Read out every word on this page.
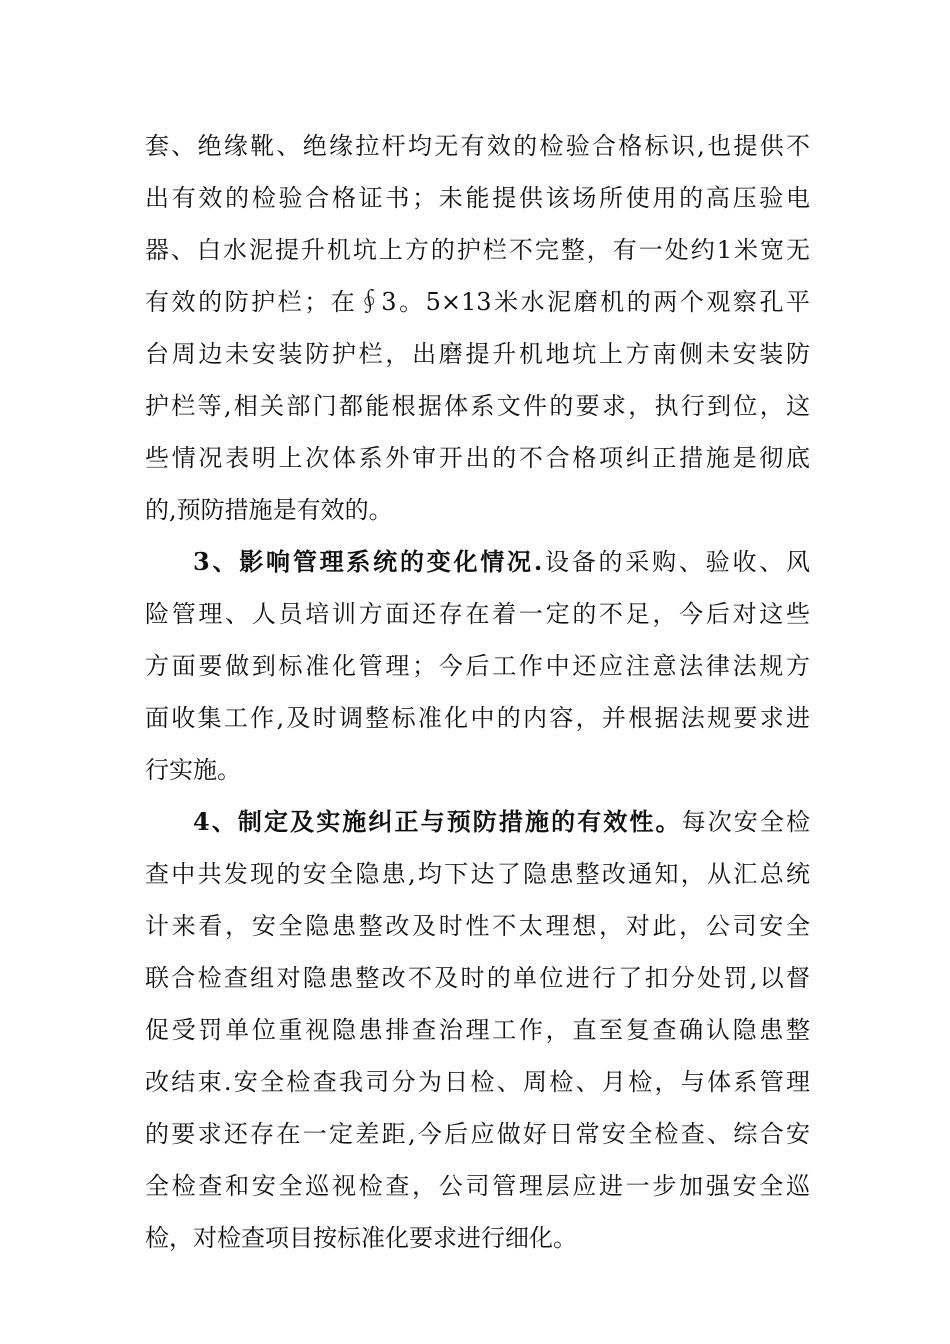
套、绝缘靴、绝缘拉杆均无有效的检验合格标识,也提供不
出有效的检验合格证书；未能提供该场所使用的高压验电
器、白水泥提升机坑上方的护栏不完整，有一处约1米宽无
有效的防护栏；在∮3。5×13米水泥磨机的两个观察孔平
台周边未安装防护栏，出磨提升机地坑上方南侧未安装防
护栏等,相关部门都能根据体系文件的要求，执行到位，这
些情况表明上次体系外审开出的不合格项纠正措施是彻底
的,预防措施是有效的。
3、影响管理系统的变化情况.设备的采购、验收、风
险管理、人员培训方面还存在着一定的不足，今后对这些
方面要做到标准化管理；今后工作中还应注意法律法规方
面收集工作,及时调整标准化中的内容，并根据法规要求进
行实施。
4、制定及实施纠正与预防措施的有效性。每次安全检
查中共发现的安全隐患,均下达了隐患整改通知，从汇总统
计来看，安全隐患整改及时性不太理想，对此，公司安全
联合检查组对隐患整改不及时的单位进行了扣分处罚,以督
促受罚单位重视隐患排查治理工作，直至复查确认隐患整
改结束.安全检查我司分为日检、周检、月检，与体系管理
的要求还存在一定差距,今后应做好日常安全检查、综合安
全检查和安全巡视检查，公司管理层应进一步加强安全巡
检，对检查项目按标准化要求进行细化。
